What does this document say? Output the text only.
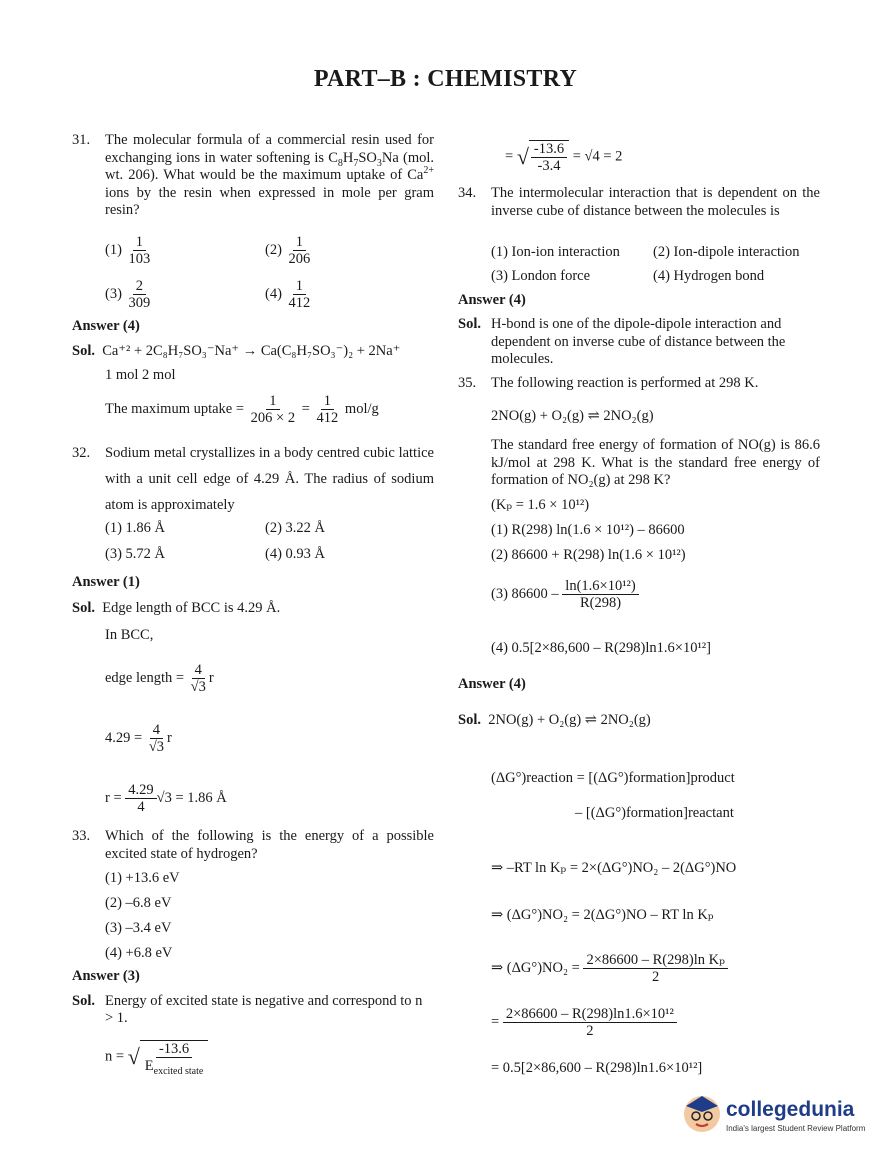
PART–B : CHEMISTRY
31.	The molecular formula of a commercial resin used for exchanging ions in water softening is $C_8H_7SO_3Na$ (mol. wt. 206). What would be the maximum uptake of $Ca^{2+}$ ions by the resin when expressed in mole per gram resin?
$(1) \frac{1}{103}$	$(2) \frac{1}{206}$
$(3) \frac{2}{309}$	$(4) \frac{1}{412}$
Answer (4)
Sol. Ca⁺² + 2C₈H₇SO₃⁻Na⁺ → Ca(C₈H₇SO₃⁻)₂ + 2Na⁺
1 mol 2 mol
The maximum uptake = $\frac{1}{206 \times 2} = \frac{1}{412} mol/g$
32.	Sodium metal crystallizes in a body centred cubic lattice with a unit cell edge of 4.29 Å. The radius of sodium atom is approximately
(1) 1.86 Å	(2) 3.22 Å
(3) 5.72 Å	(4) 0.93 Å
Answer (1)
Sol. Edge length of BCC is 4.29 Å.
In BCC,
edge length = $\frac{4}{√3}$ r
$4.29 = \frac{4}{√3}$ r
$r = \frac{4.29}{4} √3 = 1.86$ Å
33.	Which of the following is the energy of a possible excited state of hydrogen?
(1) +13.6 eV
(2) –6.8 eV
(3) –3.4 eV
(4) +6.8 eV
Answer (3)
Sol. Energy of excited state is negative and correspond to n > 1.
n = √ $\frac{-13.6}{E_{excited state}}$
= √ $\frac{-13.6}{-3.4} = √4 = 2$
34.	The intermolecular interaction that is dependent on the inverse cube of distance between the molecules is
(1) Ion-ion interaction (2) Ion-dipole interaction
(3) London force	(4) Hydrogen bond
Answer (4)
Sol. H-bond is one of the dipole-dipole interaction and dependent on inverse cube of distance between the molecules.
35.	The following reaction is performed at 298 K.
2NO(g) + O₂(g) ⇌ 2NO₂(g)
The standard free energy of formation of NO(g) is 86.6 kJ/mol at 298 K. What is the standard free energy of formation of NO₂(g) at 298 K?
(Kₚ = 1.6 × 10¹²)
(1) R(298) ln(1.6 × 10¹²) – 86600
(2) 86600 + R(298) ln(1.6 × 10¹²)
(3) $86600 - \frac{\text{ln(1.6×10¹²)}}{R(298)}$
(4) 0.5[2×86,600 – R(298)ln1.6×10¹²]
Answer (4)
Sol. 2NO(g) + O₂(g) ⇌ 2NO₂(g)
(ΔG°)reaction = [(ΔG°)formation]product
– [(ΔG°)formation]reactant
⇒ –RT ln Kₚ = 2×(ΔG°)NO₂ – 2(ΔG°)NO
⇒ (ΔG°)NO₂ = 2(ΔG°)NO – RT ln Kₚ
⇒ $(\Delta G^\circ)NO_2 = \frac{\text{2×86600 – R(298)ln Kₚ}}{2}$
= $\frac{\text{2×86600 – R(298)ln1.6×10¹²}}{2}$
= 0.5[2×86,600 – R(298)ln1.6×10¹²]
collegedunia
India's largest Student Review Platform
